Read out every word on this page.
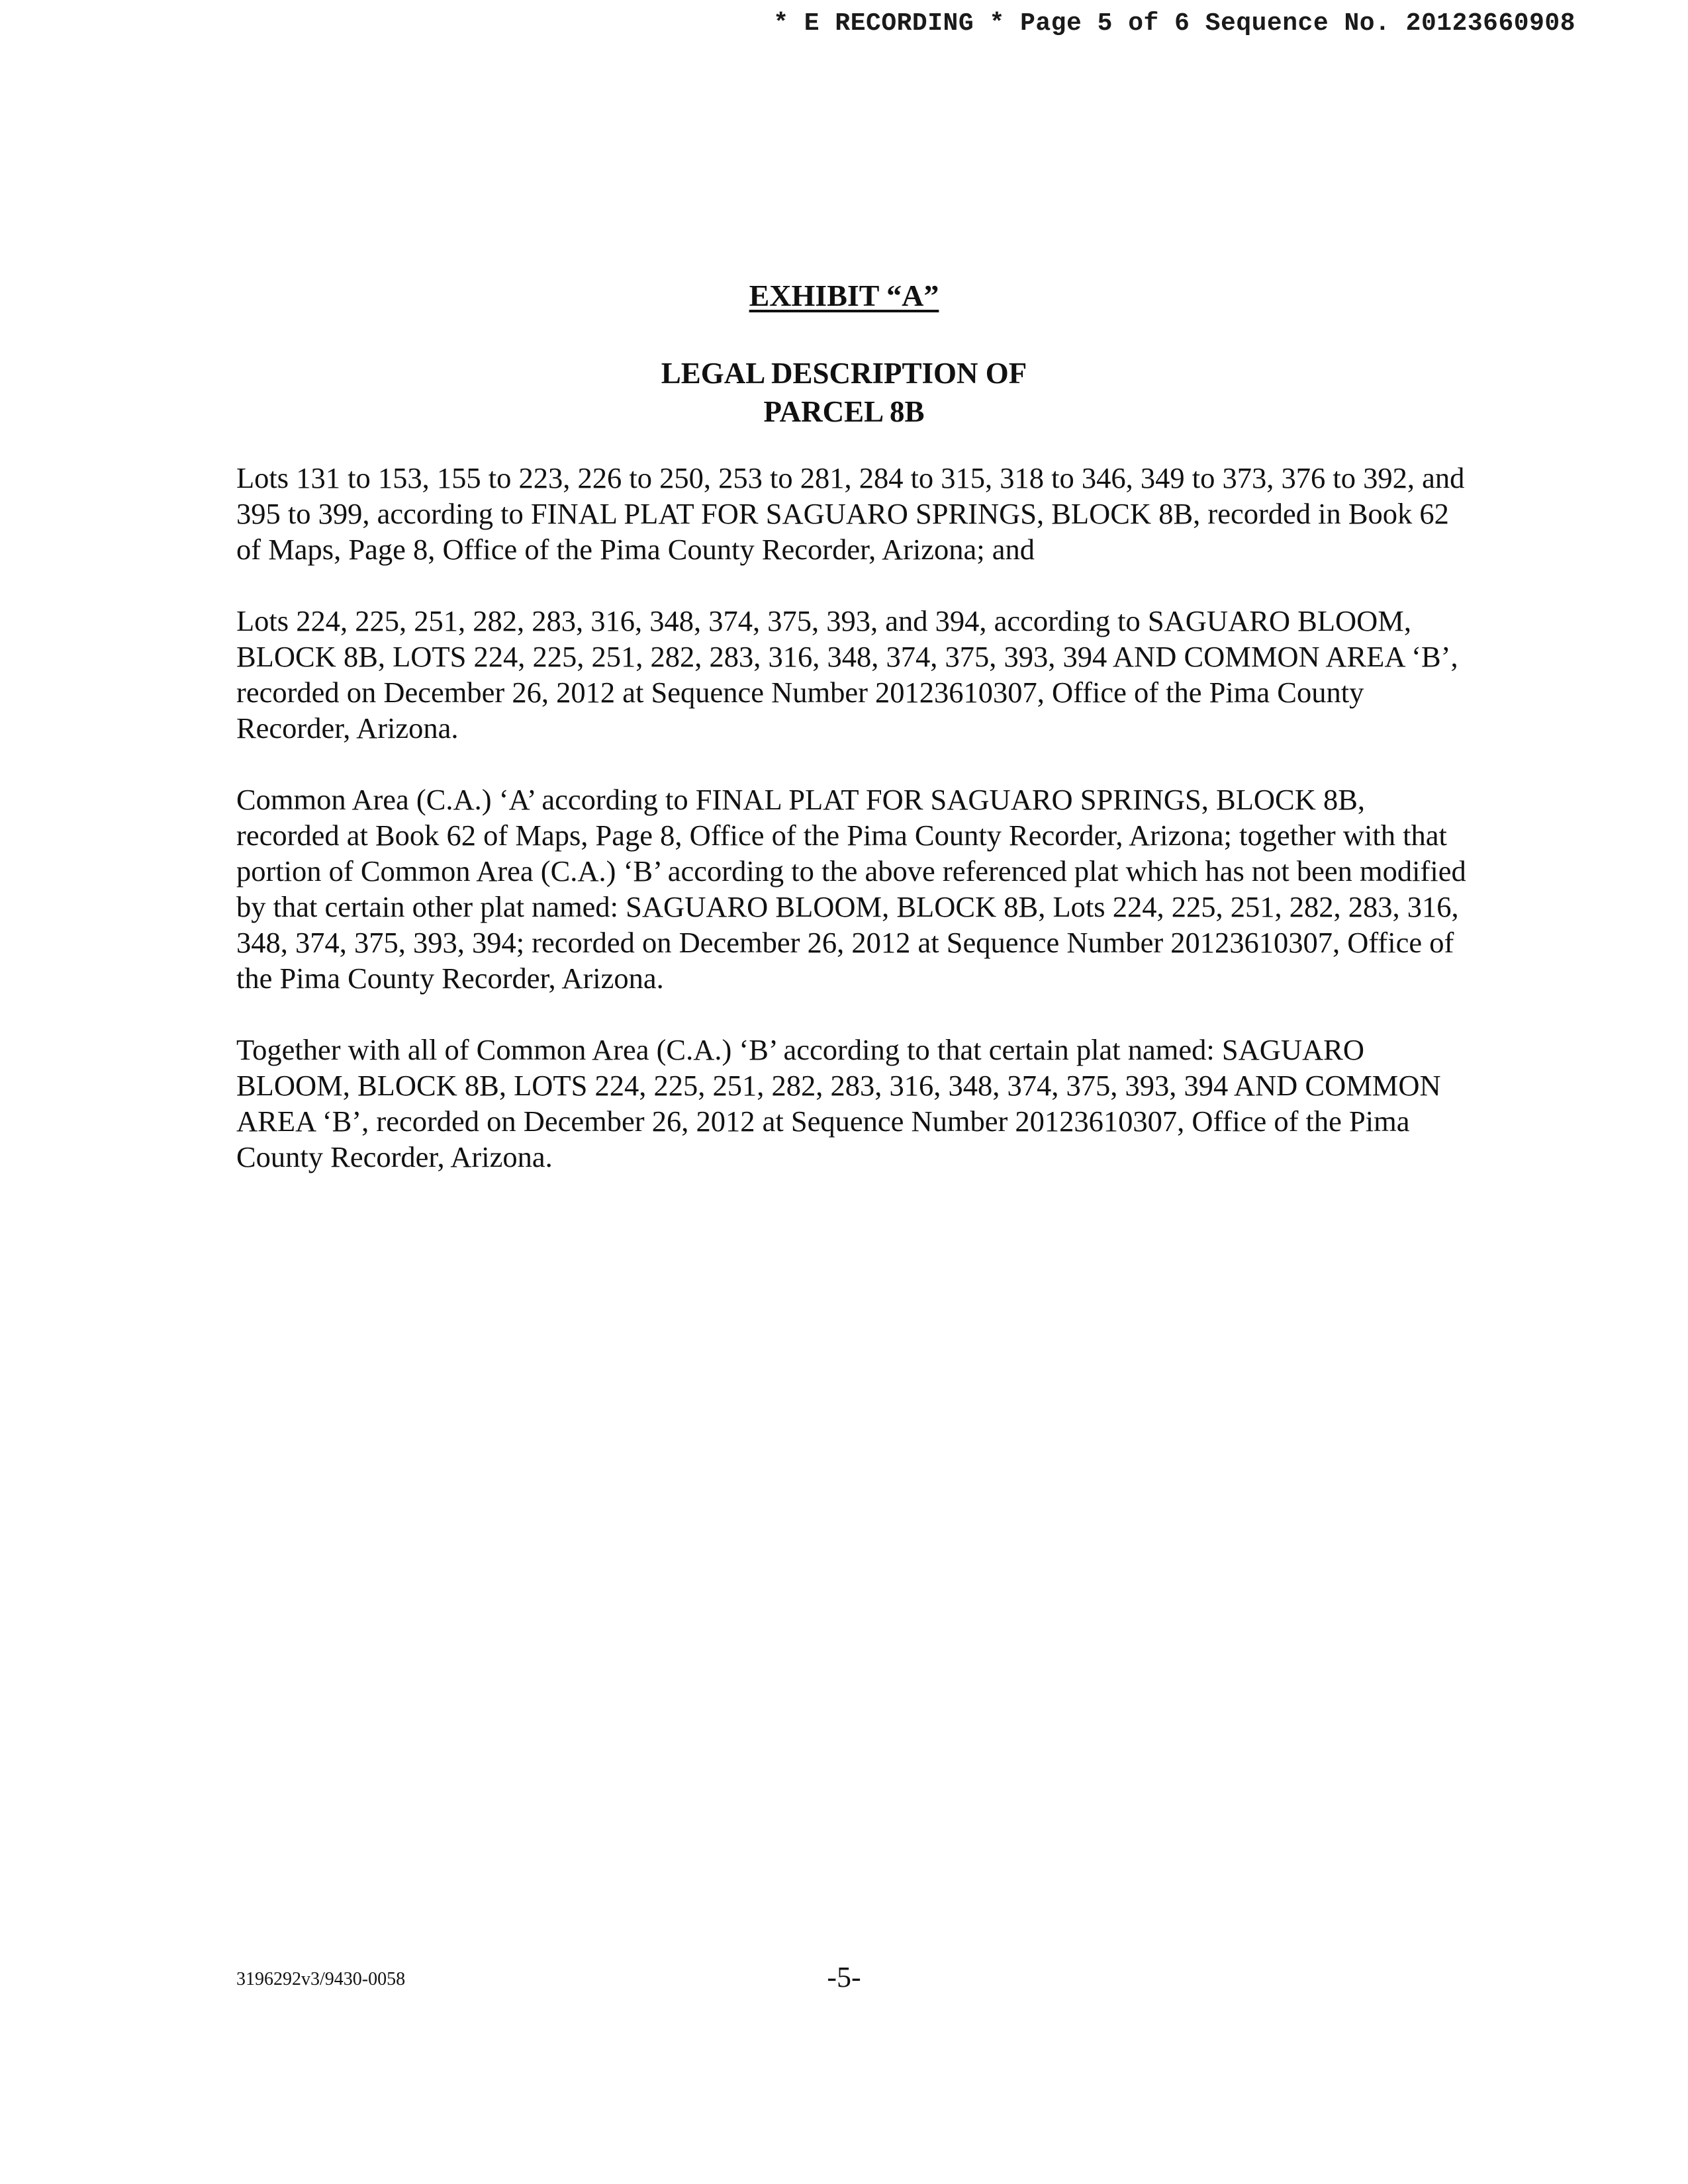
* E RECORDING * Page 5 of 6 Sequence No. 20123660908

EXHIBIT “A”
LEGAL DESCRIPTION OF
PARCEL 8B

Lots 131 to 153, 155 to 223, 226 to 250, 253 to 281, 284 to 315, 318 to 346, 349 to 373, 376 to 392, and 395 to 399, according to FINAL PLAT FOR SAGUARO SPRINGS, BLOCK 8B, recorded in Book 62 of Maps, Page 8, Office of the Pima County Recorder, Arizona; and

Lots 224, 225, 251, 282, 283, 316, 348, 374, 375, 393, and 394, according to SAGUARO BLOOM, BLOCK 8B, LOTS 224, 225, 251, 282, 283, 316, 348, 374, 375, 393, 394 AND COMMON AREA ‘B’, recorded on December 26, 2012 at Sequence Number 20123610307, Office of the Pima County Recorder, Arizona.

Common Area (C.A.) ‘A’ according to FINAL PLAT FOR SAGUARO SPRINGS, BLOCK 8B, recorded at Book 62 of Maps, Page 8, Office of the Pima County Recorder, Arizona; together with that portion of Common Area (C.A.) ‘B’ according to the above referenced plat which has not been modified by that certain other plat named: SAGUARO BLOOM, BLOCK 8B, Lots 224, 225, 251, 282, 283, 316, 348, 374, 375, 393, 394; recorded on December 26, 2012 at Sequence Number 20123610307, Office of the Pima County Recorder, Arizona.

Together with all of Common Area (C.A.) ‘B’ according to that certain plat named: SAGUARO BLOOM, BLOCK 8B, LOTS 224, 225, 251, 282, 283, 316, 348, 374, 375, 393, 394 AND COMMON AREA ‘B’, recorded on December 26, 2012 at Sequence Number 20123610307, Office of the Pima County Recorder, Arizona.

3196292v3/9430-0058	-5-
